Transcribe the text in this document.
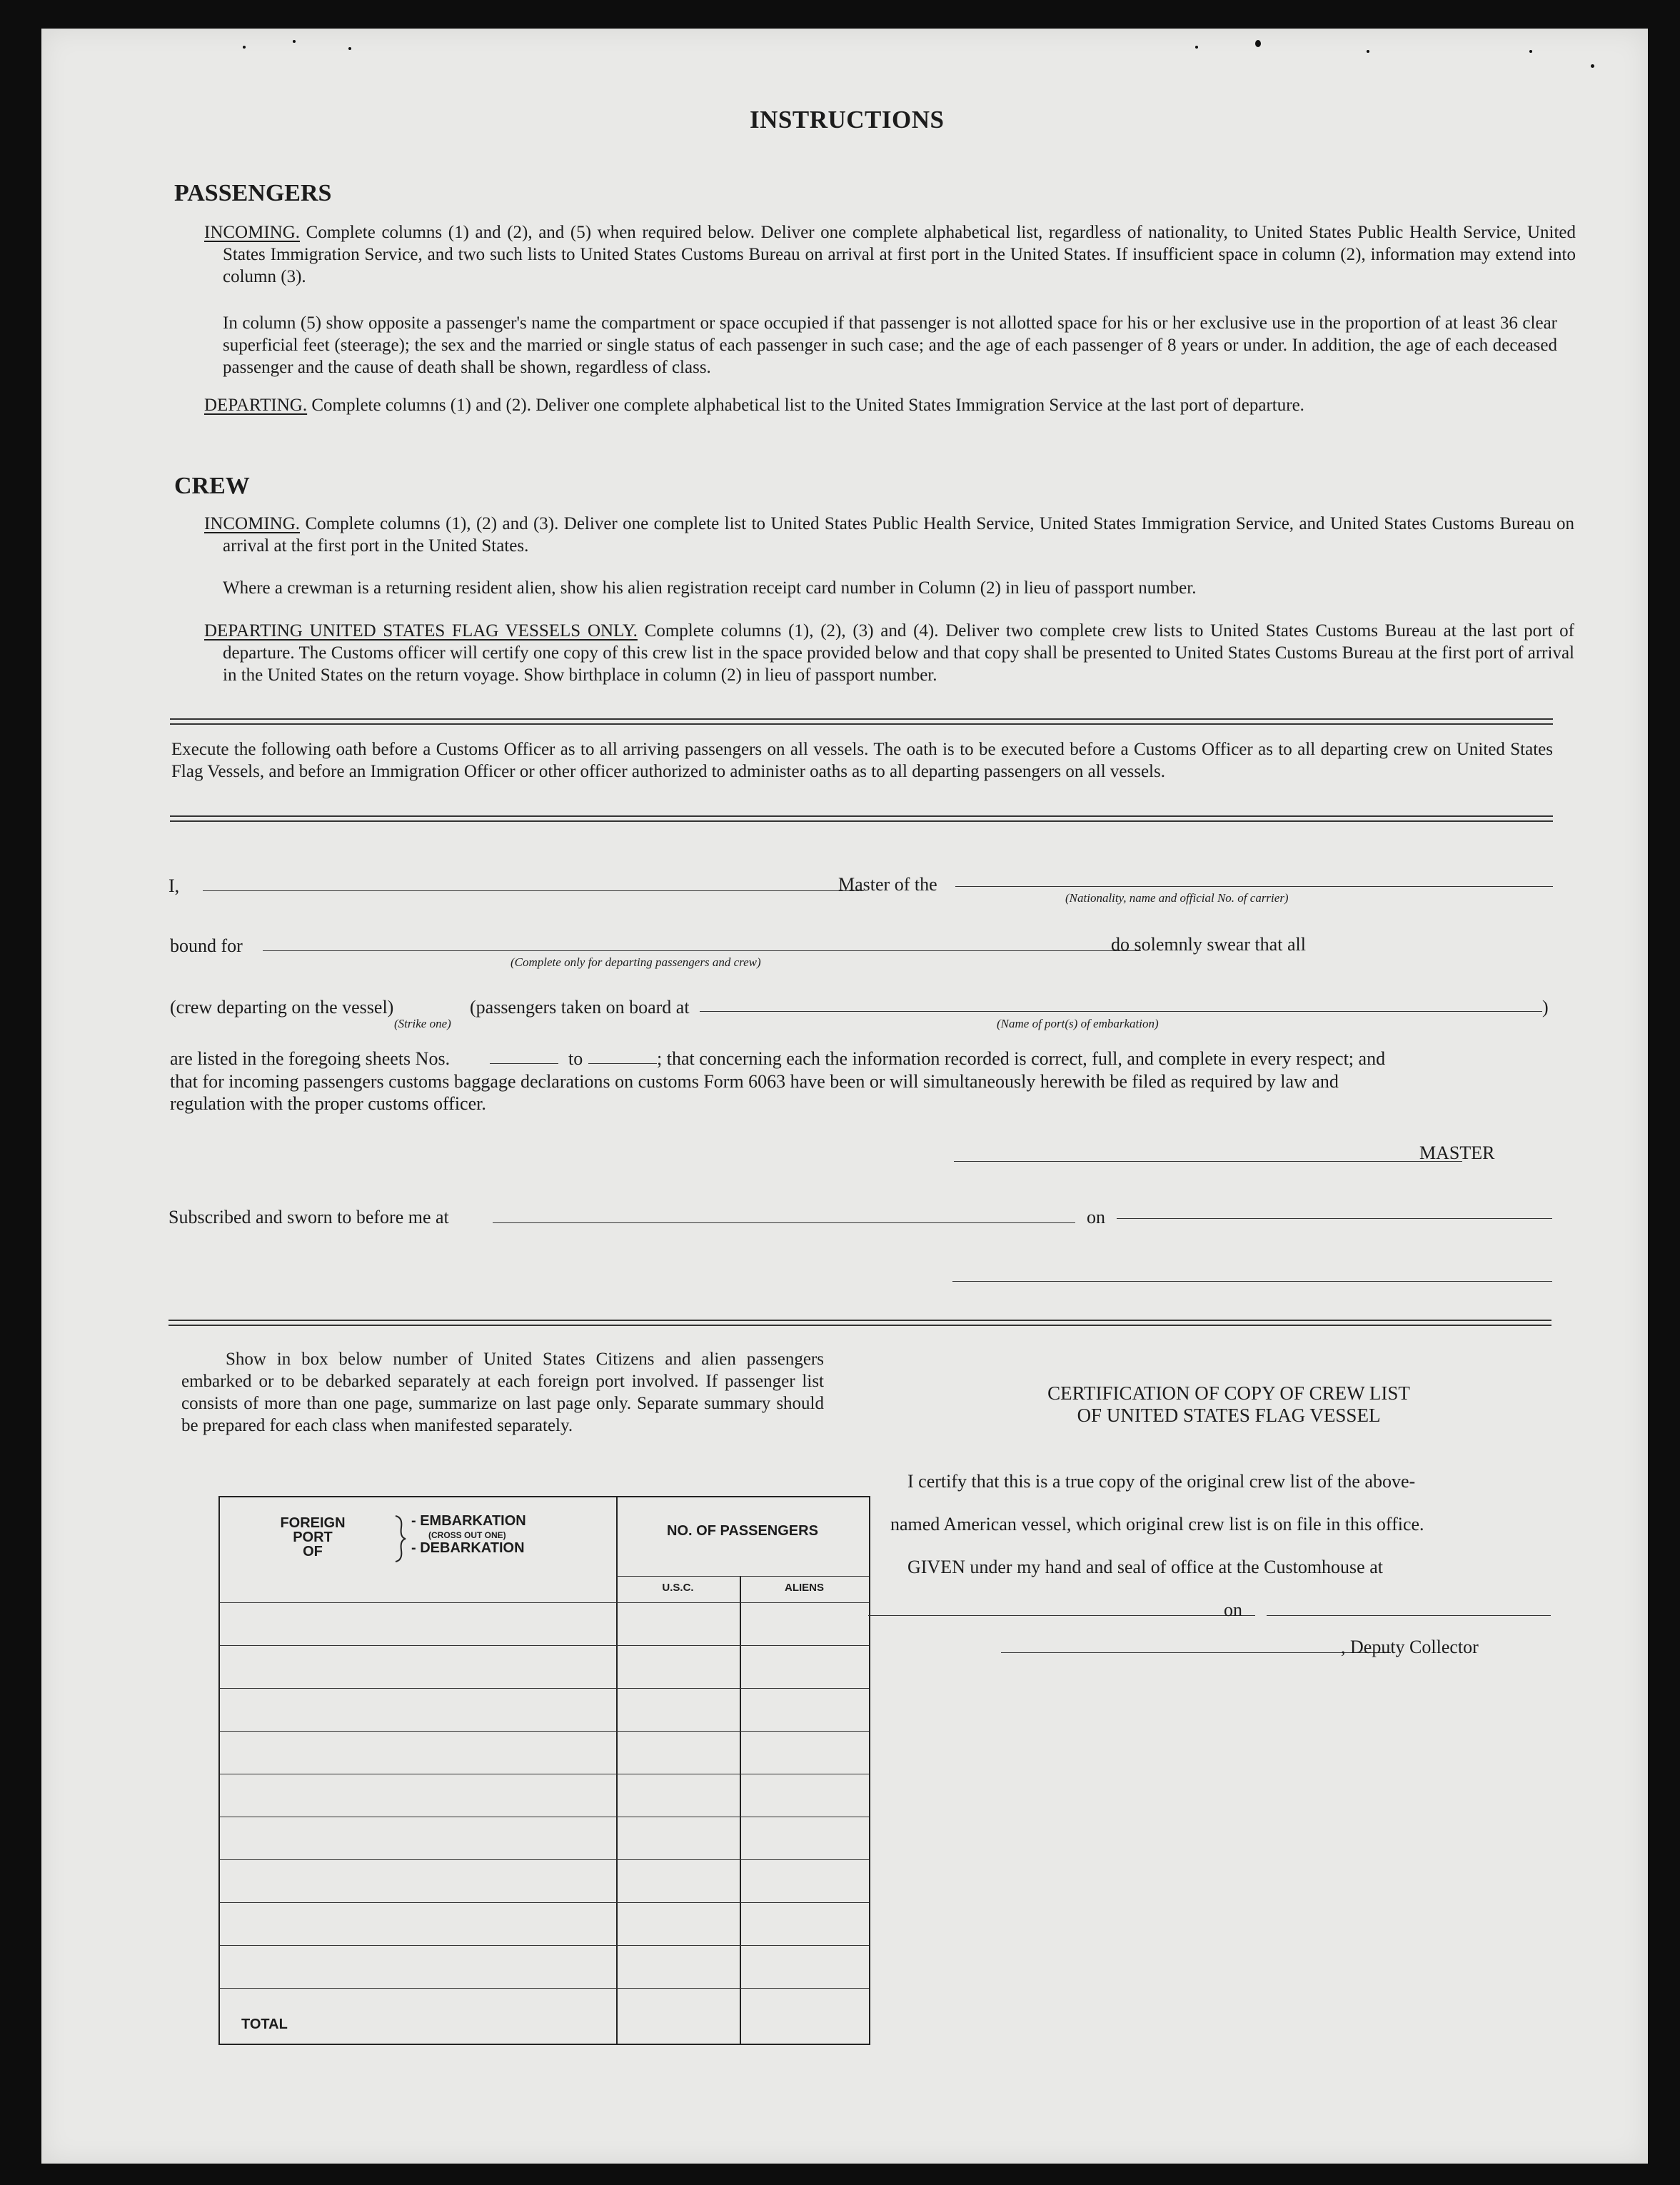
INSTRUCTIONS
PASSENGERS
INCOMING. Complete columns (1) and (2), and (5) when required below. Deliver one complete alphabetical list, regardless of nationality, to United States Public Health Service, United States Immigration Service, and two such lists to United States Customs Bureau on arrival at first port in the United States. If insufficient space in column (2), information may extend into column (3).
In column (5) show opposite a passenger's name the compartment or space occupied if that passenger is not allotted space for his or her exclusive use in the proportion of at least 36 clear superficial feet (steerage); the sex and the married or single status of each passenger in such case; and the age of each passenger of 8 years or under. In addition, the age of each deceased passenger and the cause of death shall be shown, regardless of class.
DEPARTING. Complete columns (1) and (2). Deliver one complete alphabetical list to the United States Immigration Service at the last port of departure.
CREW
INCOMING. Complete columns (1), (2) and (3). Deliver one complete list to United States Public Health Service, United States Immigration Service, and United States Customs Bureau on arrival at the first port in the United States.
Where a crewman is a returning resident alien, show his alien registration receipt card number in Column (2) in lieu of passport number.
DEPARTING UNITED STATES FLAG VESSELS ONLY. Complete columns (1), (2), (3) and (4). Deliver two complete crew lists to United States Customs Bureau at the last port of departure. The Customs officer will certify one copy of this crew list in the space provided below and that copy shall be presented to United States Customs Bureau at the first port of arrival in the United States on the return voyage. Show birthplace in column (2) in lieu of passport number.
Execute the following oath before a Customs Officer as to all arriving passengers on all vessels. The oath is to be executed before a Customs Officer as to all departing crew on United States Flag Vessels, and before an Immigration Officer or other officer authorized to administer oaths as to all departing passengers on all vessels.
I,	Master of the
(Nationality, name and official No. of carrier)
bound for
(Complete only for departing passengers and crew)
do solemnly swear that all
(crew departing on the vessel)
(Strike one)
(passengers taken on board at	)
(Name of port(s) of embarkation)
are listed in the foregoing sheets Nos.	to	; that concerning each the information recorded is correct, full, and complete in every respect; and
that for incoming passengers customs baggage declarations on customs Form 6063 have been or will simultaneously herewith be filed as required by law and
regulation with the proper customs officer.
MASTER
Subscribed and sworn to before me at	on
Show in box below number of United States Citizens and alien passengers embarked or to be debarked separately at each foreign port involved. If passenger list consists of more than one page, summarize on last page only. Separate summary should be prepared for each class when manifested separately.
FOREIGN
PORT
OF
- EMBARKATION
(CROSS OUT ONE)
- DEBARKATION
NO. OF PASSENGERS
U.S.C.	ALIENS
TOTAL
CERTIFICATION OF COPY OF CREW LIST
OF UNITED STATES FLAG VESSEL
I certify that this is a true copy of the original crew list of the above-
named American vessel, which original crew list is on file in this office.
GIVEN under my hand and seal of office at the Customhouse at
on
, Deputy Collector
